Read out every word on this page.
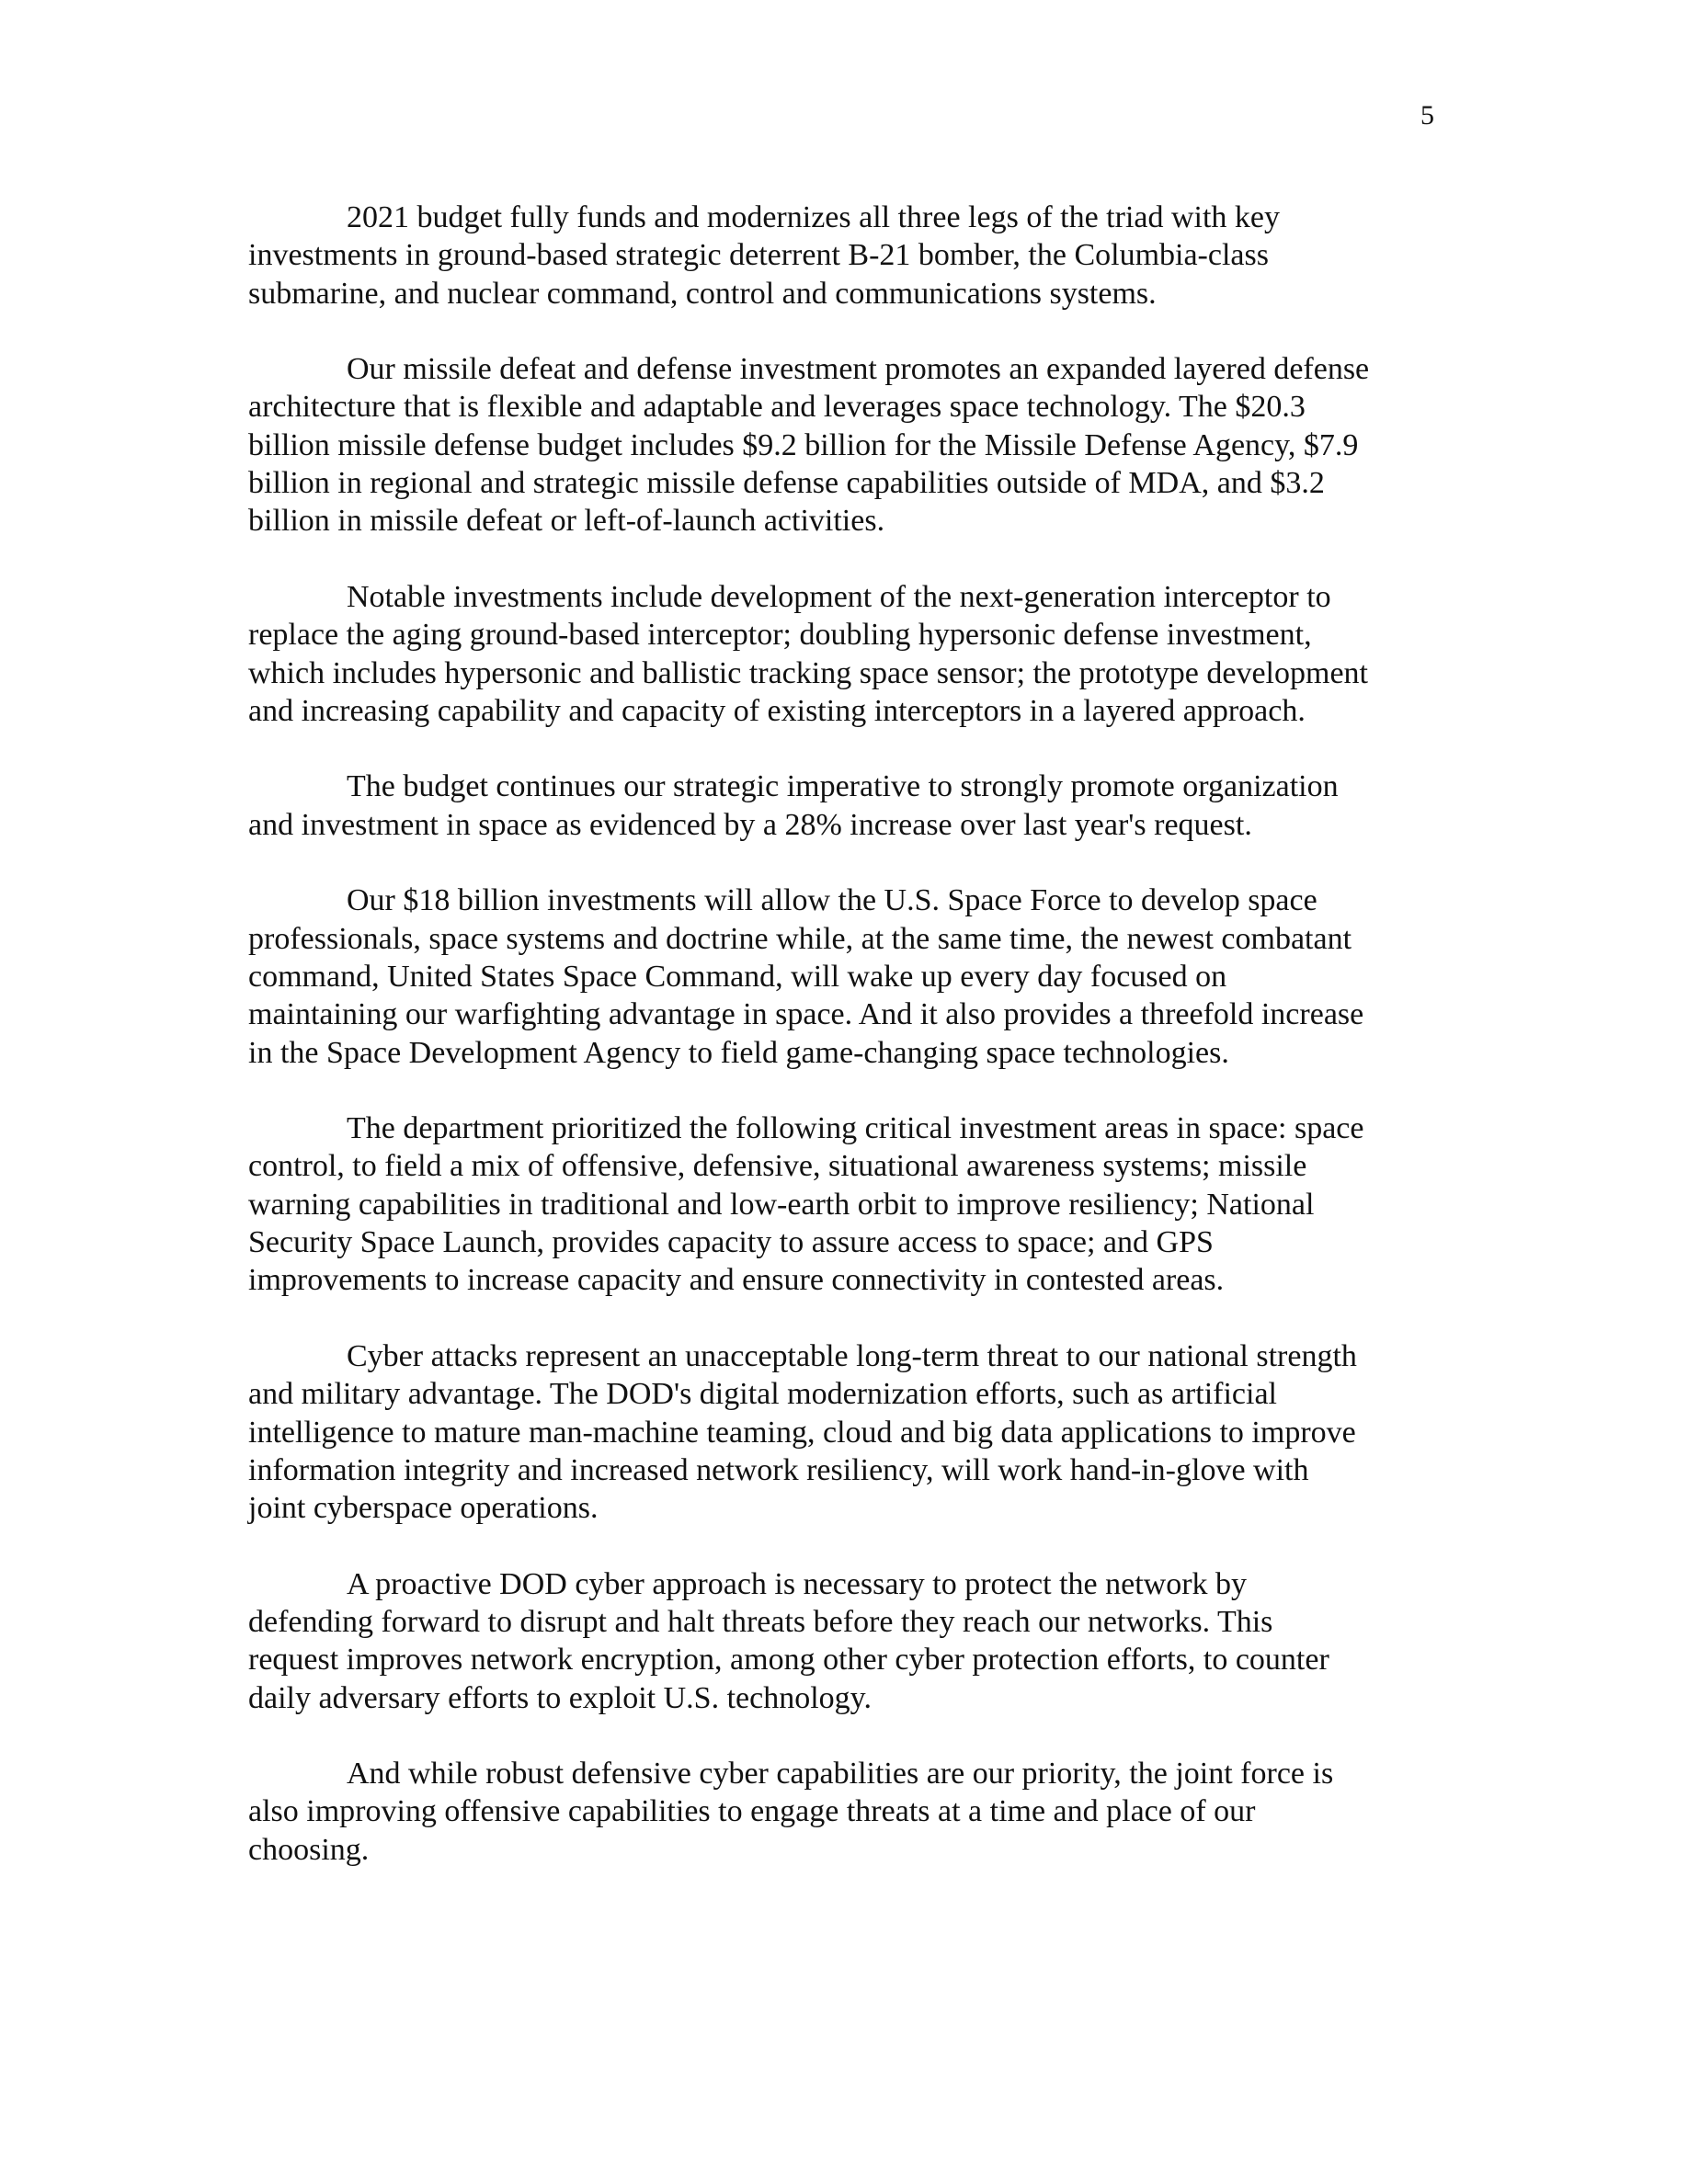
5

2021 budget fully funds and modernizes all three legs of the triad with key
investments in ground-based strategic deterrent B-21 bomber, the Columbia-class
submarine, and nuclear command, control and communications systems.

Our missile defeat and defense investment promotes an expanded layered defense
architecture that is flexible and adaptable and leverages space technology. The $20.3
billion missile defense budget includes $9.2 billion for the Missile Defense Agency, $7.9
billion in regional and strategic missile defense capabilities outside of MDA, and $3.2
billion in missile defeat or left-of-launch activities.

Notable investments include development of the next-generation interceptor to
replace the aging ground-based interceptor; doubling hypersonic defense investment,
which includes hypersonic and ballistic tracking space sensor; the prototype development
and increasing capability and capacity of existing interceptors in a layered approach.

The budget continues our strategic imperative to strongly promote organization
and investment in space as evidenced by a 28% increase over last year's request.

Our $18 billion investments will allow the U.S. Space Force to develop space
professionals, space systems and doctrine while, at the same time, the newest combatant
command, United States Space Command, will wake up every day focused on
maintaining our warfighting advantage in space. And it also provides a threefold increase
in the Space Development Agency to field game-changing space technologies.

The department prioritized the following critical investment areas in space: space
control, to field a mix of offensive, defensive, situational awareness systems; missile
warning capabilities in traditional and low-earth orbit to improve resiliency; National
Security Space Launch, provides capacity to assure access to space; and GPS
improvements to increase capacity and ensure connectivity in contested areas.

Cyber attacks represent an unacceptable long-term threat to our national strength
and military advantage. The DOD's digital modernization efforts, such as artificial
intelligence to mature man-machine teaming, cloud and big data applications to improve
information integrity and increased network resiliency, will work hand-in-glove with
joint cyberspace operations.

A proactive DOD cyber approach is necessary to protect the network by
defending forward to disrupt and halt threats before they reach our networks. This
request improves network encryption, among other cyber protection efforts, to counter
daily adversary efforts to exploit U.S. technology.

And while robust defensive cyber capabilities are our priority, the joint force is
also improving offensive capabilities to engage threats at a time and place of our
choosing.
